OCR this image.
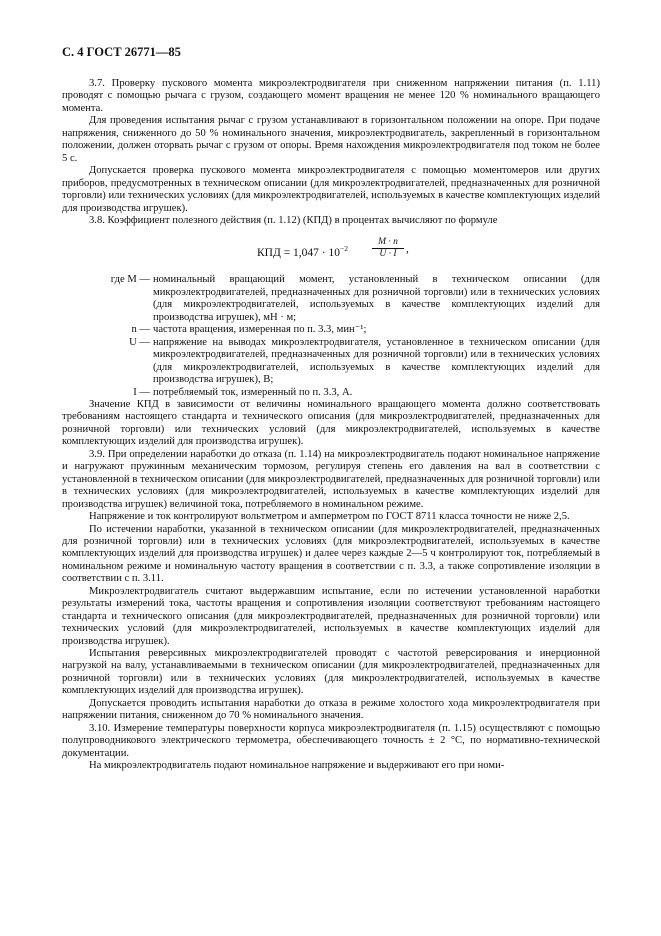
С. 4 ГОСТ 26771—85

3.7. Проверку пускового момента микроэлектродвигателя при сниженном напряжении питания (п. 1.11) проводят с помощью рычага с грузом, создающего момент вращения не менее 120 % номинального вращающего момента.

Для проведения испытания рычаг с грузом устанавливают в горизонтальном положении на опоре. При подаче напряжения, сниженного до 50 % номинального значения, микроэлектродвигатель, закрепленный в горизонтальном положении, должен оторвать рычаг с грузом от опоры. Время нахождения микроэлектродвигателя под током не более 5 с.

Допускается проверка пускового момента микроэлектродвигателя с помощью моментомеров или других приборов, предусмотренных в техническом описании (для микроэлектродвигателей, предназначенных для розничной торговли) или технических условиях (для микроэлектродвигателей, используемых в качестве комплектующих изделий для производства игрушек).

3.8. Коэффициент полезного действия (п. 1.12) (КПД) в процентах вычисляют по формуле

КПД = $1,047 \cdot 10^{-2}$	$\frac{M \cdot n}{U \cdot I}$ ,
где M — номинальный вращающий момент, установленный в техническом описании (для микроэлектродвигателей, предназначенных для розничной торговли) или в технических условиях (для микроэлектродвигателей, используемых в качестве комплектующих изделий для производства игрушек), мН · м;
n — частота вращения, измеренная по п. 3.3, мин⁻¹;
U — напряжение на выводах микроэлектродвигателя, установленное в техническом описании (для микроэлектродвигателей, предназначенных для розничной торговли) или в технических условиях (для микроэлектродвигателей, используемых в качестве комплектующих изделий для производства игрушек), В;
I — потребляемый ток, измеренный по п. 3.3, А.

Значение КПД в зависимости от величины номинального вращающего момента должно соответствовать требованиям настоящего стандарта и технического описания (для микроэлектродвигателей, предназначенных для розничной торговли) или технических условий (для микроэлектродвигателей, используемых в качестве комплектующих изделий для производства игрушек).

3.9. При определении наработки до отказа (п. 1.14) на микроэлектродвигатель подают номинальное напряжение и нагружают пружинным механическим тормозом, регулируя степень его давления на вал в соответствии с установленной в техническом описании (для микроэлектродвигателей, предназначенных для розничной торговли) или в технических условиях (для микроэлектродвигателей, используемых в качестве комплектующих изделий для производства игрушек) величиной тока, потребляемого в номинальном режиме.

Напряжение и ток контролируют вольтметром и амперметром по ГОСТ 8711 класса точности не ниже 2,5.

По истечении наработки, указанной в техническом описании (для микроэлектродвигателей, предназначенных для розничной торговли) или в технических условиях (для микроэлектродвигателей, используемых в качестве комплектующих изделий для производства игрушек) и далее через каждые 2—5 ч контролируют ток, потребляемый в номинальном режиме и номинальную частоту вращения в соответствии с п. 3.3, а также сопротивление изоляции в соответствии с п. 3.11.

Микроэлектродвигатель считают выдержавшим испытание, если по истечении установленной наработки результаты измерений тока, частоты вращения и сопротивления изоляции соответствуют требованиям настоящего стандарта и технического описания (для микроэлектродвигателей, предназначенных для розничной торговли) или технических условий (для микроэлектродвигателей, используемых в качестве комплектующих изделий для производства игрушек).

Испытания реверсивных микроэлектродвигателей проводят с частотой реверсирования и инерционной нагрузкой на валу, устанавливаемыми в техническом описании (для микроэлектродвигателей, предназначенных для розничной торговли) или в технических условиях (для микроэлектродвигателей, используемых в качестве комплектующих изделий для производства игрушек).

Допускается проводить испытания наработки до отказа в режиме холостого хода микроэлектродвигателя при напряжении питания, сниженном до 70 % номинального значения.

3.10. Измерение температуры поверхности корпуса микроэлектродвигателя (п. 1.15) осуществляют с помощью полупроводникового электрического термометра, обеспечивающего точность ± 2 °С, по нормативно-технической документации.

На микроэлектродвигатель подают номинальное напряжение и выдерживают его при номи-
